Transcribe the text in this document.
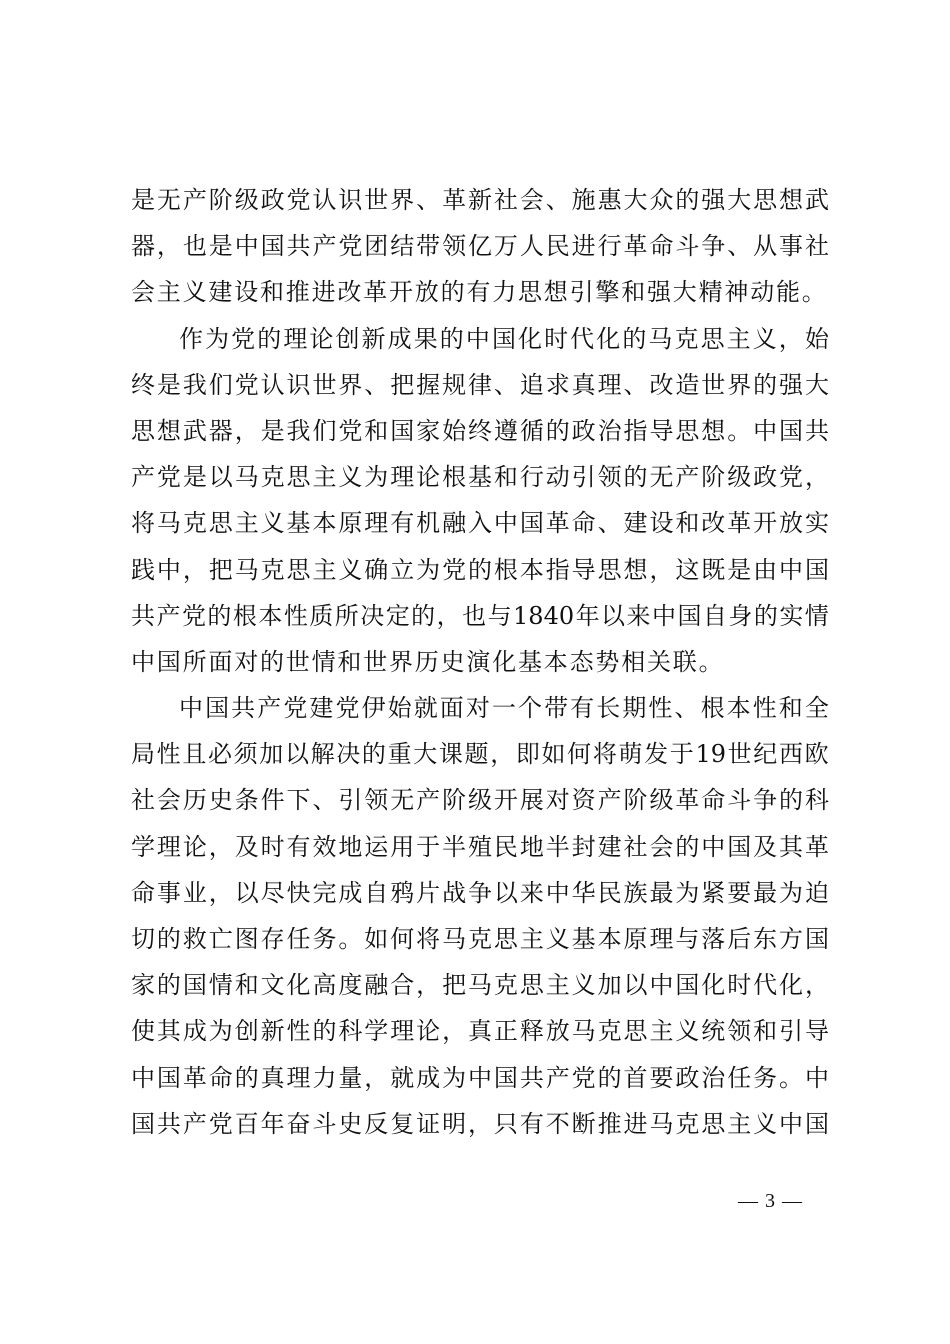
是 无 产 阶 级 政 党 认 识 世 界 、 革 新 社 会 、 施 惠 大 众 的 强 大 思 想 武
器 ， 也 是 中 国 共 产 党 团 结 带 领 亿 万 人 民 进 行 革 命 斗 争 、 从 事 社
会主义建设和推进改革开放的有力思想引擎和强大精神动能。
作 为 党 的 理 论 创 新 成 果 的 中 国 化 时 代 化 的 马 克 思 主 义 ， 始
终 是 我 们 党 认 识 世 界 、 把 握 规 律 、 追 求 真 理 、 改 造 世 界 的 强 大
思 想 武 器 ， 是 我 们 党 和 国 家 始 终 遵 循 的 政 治 指 导 思 想 。 中 国 共
产 党 是 以 马 克 思 主 义 为 理 论 根 基 和 行 动 引 领 的 无 产 阶 级 政 党 ，
将 马 克 思 主 义 基 本 原 理 有 机 融 入 中 国 革 命 、 建 设 和 改 革 开 放 实
践 中 ， 把 马 克 思 主 义 确 立 为 党 的 根 本 指 导 思 想 ， 这 既 是 由 中 国
共 产 党 的 根 本 性 质 所 决 定 的 ， 也 与 1840 年 以 来 中 国 自 身 的 实 情
中国所面对的世情和世界历史演化基本态势相关联。
中 国 共 产 党 建 党 伊 始 就 面 对 一 个 带 有 长 期 性 、 根 本 性 和 全
局 性 且 必 须 加 以 解 决 的 重 大 课 题 ， 即 如 何 将 萌 发 于 19 世 纪 西 欧
社 会 历 史 条 件 下 、 引 领 无 产 阶 级 开 展 对 资 产 阶 级 革 命 斗 争 的 科
学 理 论 ， 及 时 有 效 地 运 用 于 半 殖 民 地 半 封 建 社 会 的 中 国 及 其 革
命 事 业 ， 以 尽 快 完 成 自 鸦 片 战 争 以 来 中 华 民 族 最 为 紧 要 最 为 迫
切 的 救 亡 图 存 任 务 。 如 何 将 马 克 思 主 义 基 本 原 理 与 落 后 东 方 国
家 的 国 情 和 文 化 高 度 融 合 ， 把 马 克 思 主 义 加 以 中 国 化 时 代 化 ，
使 其 成 为 创 新 性 的 科 学 理 论 ， 真 正 释 放 马 克 思 主 义 统 领 和 引 导
中 国 革 命 的 真 理 力 量 ， 就 成 为 中 国 共 产 党 的 首 要 政 治 任 务 。 中
国 共 产 党 百 年 奋 斗 史 反 复 证 明 ， 只 有 不 断 推 进 马 克 思 主 义 中 国
— 3 —
